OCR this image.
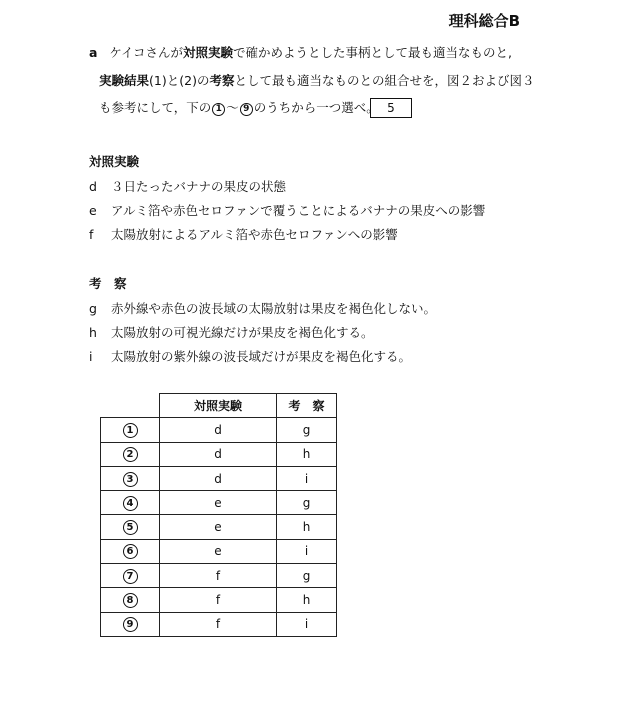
理科総合B
a ケイコさんが対照実験で確かめようとした事柄として最も適当なものと,
実験結果(1)と(2)の考察として最も適当なものとの組合せを，図２および図３
も参考にして，下の 1 ～ 9 のうちから一つ選べ。 5
対照実験
d ３日たったバナナの果皮の状態
e アルミ箔や赤色セロファンで覆うことによるバナナの果皮への影響
f 太陽放射によるアルミ箔や赤色セロファンへの影響
考　察
g 赤外線や赤色の波長域の太陽放射は果皮を褐色化しない。
h 太陽放射の可視光線だけが果皮を褐色化する。
i 太陽放射の紫外線の波長域だけが果皮を褐色化する。
	対照実験	考　察
1	d	g
2	d	h
3	d	i
4	e	g
5	e	h
6	e	i
7	f	g
8	f	h
9	f	i
